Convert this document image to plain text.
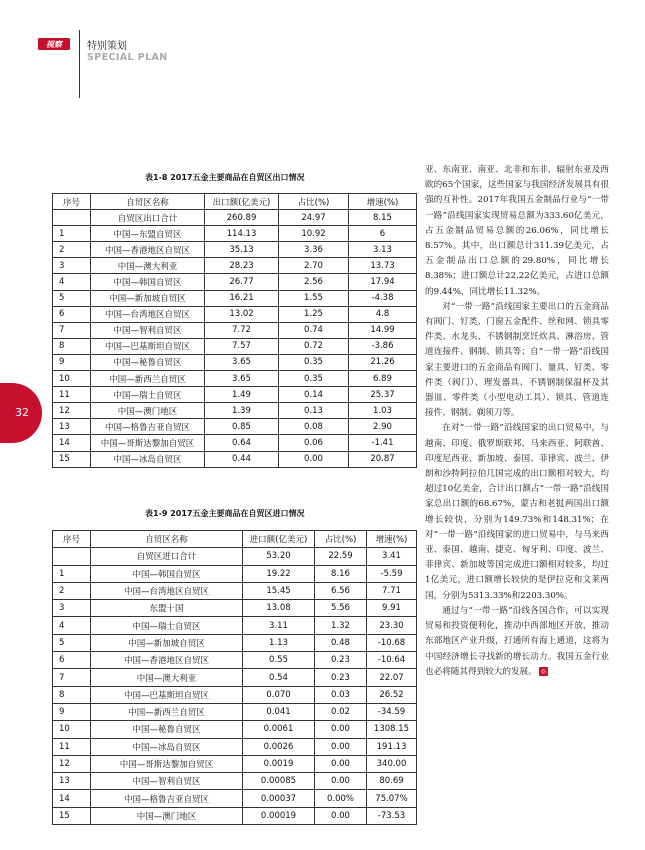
视察	特别策划
SPECIAL PLAN
32
表1-8 2017五金主要商品在自贸区出口情况
序号	自贸区名称	出口额(亿美元)	占比(%)	增速(%)
	自贸区出口合计	260.89	24.97	8.15
1	中国—东盟自贸区	114.13	10.92	6
2	中国—香港地区自贸区	35.13	3.36	3.13
3	中国—澳大利亚	28.23	2.70	13.73
4	中国—韩国自贸区	26.77	2.56	17.94
5	中国—新加坡自贸区	16.21	1.55	-4.38
6	中国—台湾地区自贸区	13.02	1.25	4.8
7	中国—智利自贸区	7.72	0.74	14.99
8	中国—巴基斯坦自贸区	7.57	0.72	-3.86
9	中国—秘鲁自贸区	3.65	0.35	21.26
10	中国—新西兰自贸区	3.65	0.35	6.89
11	中国—瑞士自贸区	1.49	0.14	25.37
12	中国—澳门地区	1.39	0.13	1.03
13	中国—格鲁吉亚自贸区	0.85	0.08	2.90
14	中国—哥斯达黎加自贸区	0.64	0.06	-1.41
15	中国—冰岛自贸区	0.44	0.00	20.87
表1-9 2017五金主要商品在自贸区进口情况
序号	自贸区名称	进口额(亿美元)	占比(%)	增速(%)
	自贸区进口合计	53.20	22.59	3.41
1	中国—韩国自贸区	19.22	8.16	-5.59
2	中国—台湾地区自贸区	15.45	6.56	7.71
3	东盟十国	13.08	5.56	9.91
4	中国—瑞士自贸区	3.11	1.32	23.30
5	中国—新加坡自贸区	1.13	0.48	-10.68
6	中国—香港地区自贸区	0.55	0.23	-10.64
7	中国—澳大利亚	0.54	0.23	22.07
8	中国—巴基斯坦自贸区	0.070	0.03	26.52
9	中国—新西兰自贸区	0.041	0.02	-34.59
10	中国—秘鲁自贸区	0.0061	0.00	1308.15
11	中国—冰岛自贸区	0.0026	0.00	191.13
12	中国—哥斯达黎加自贸区	0.0019	0.00	340.00
13	中国—智利自贸区	0.00085	0.00	80.69
14	中国—格鲁吉亚自贸区	0.00037	0.00%	75.07%
15	中国—澳门地区	0.00019	0.00	-73.53

亚、东南亚、南亚、北非和东非，辐射东亚及西欧的65个国家，这些国家与我国经济发展具有很强的互补性。2017年我国五金制品行业与“一带一路”沿线国家实现贸易总额为333.60亿美元，占五金制品贸易总额的26.06%，同比增长8.57%。其中，出口额总计311.39亿美元，占五金制品出口总额的29.80%，同比增长8.38%；进口额总计22.22亿美元，占进口总额的9.44%，同比增长11.32%。

对“一带一路”沿线国家主要出口的五金商品有阀门、钉类、门窗五金配件、丝和网、锁具零件类、水龙头、不锈钢制烹饪炊具、淋浴房、管道连接件、钢制、锁具等；自“一带一路”沿线国家主要进口的五金商品有阀门、量具、钉类、零件类（阀门）、理发器具、不锈钢制保温杯及其器皿、零件类（小型电动工具）、锁具、管道连接件、钢制、剃须刀等。

在对“一带一路”沿线国家的出口贸易中，与越南、印度、俄罗斯联邦、马来西亚、阿联酋、印度尼西亚、新加坡、泰国、菲律宾、波兰、伊朗和沙特阿拉伯几国完成的出口额相对较大，均超过10亿美金，合计出口额占“一带一路”沿线国家总出口额的68.67%，蒙古和老挝两国出口额增长较快，分别为149.73%和148.31%；在对“一带一路”沿线国家的进口贸易中，与马来西亚、泰国、越南、捷克、匈牙利、印度、波兰、菲律宾、新加坡等国完成进口额相对较多，均过1亿美元，进口额增长较快的是伊拉克和文莱两国，分别为5313.33%和2203.30%。

通过与“一带一路”沿线各国合作，可以实现贸易和投资便利化，推动中西部地区开放，推动东部地区产业升级，打通所有海上通道，这将为中国经济增长寻找新的增长动力。我国五金行业也必将随其得到较大的发展。 ◎
